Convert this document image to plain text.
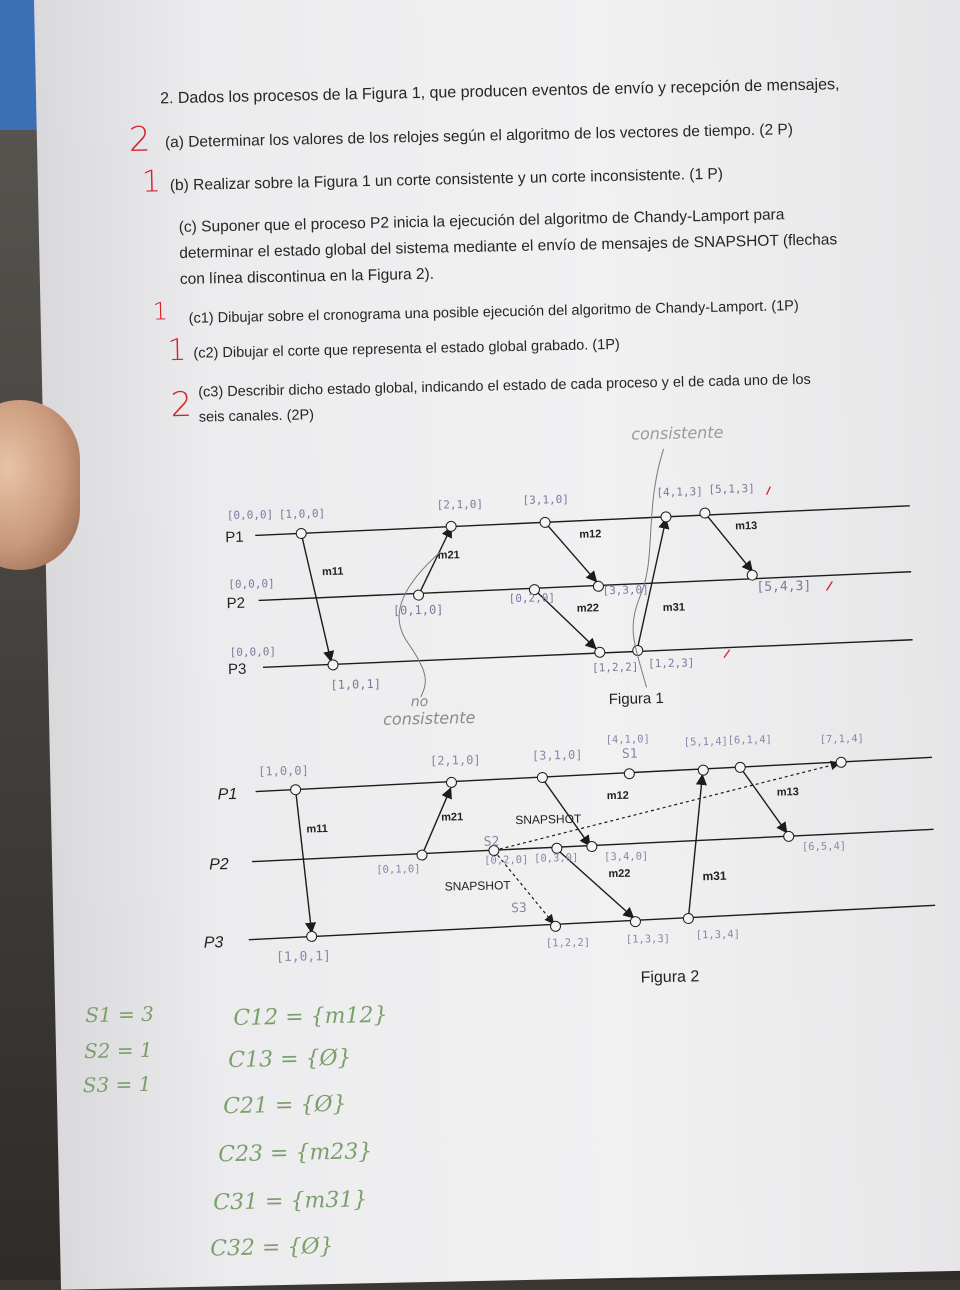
2. Dados los procesos de la Figura 1, que producen eventos de envío y recepción de mensajes,
(a) Determinar los valores de los relojes según el algoritmo de los vectores de tiempo. (2 P)
(b) Realizar sobre la Figura 1 un corte consistente y un corte inconsistente. (1 P)
(c) Suponer que el proceso P2 inicia la ejecución del algoritmo de Chandy-Lamport para
determinar el estado global del sistema mediante el envío de mensajes de SNAPSHOT (flechas
con línea discontinua en la Figura 2).
(c1) Dibujar sobre el cronograma una posible ejecución del algoritmo de Chandy-Lamport. (1P)
(c2) Dibujar el corte que representa el estado global grabado. (1P)
(c3) Describir dicho estado global, indicando el estado de cada proceso y el de cada uno de los
seis canales. (2P)
2
1
1
1
2
P1
P2
P3
m11
m21
m12
m22	m31
m13
[0,0,0]
[0,0,0]
[0,0,0]
[1,0,0]
[2,1,0]	[3,1,0]
[4,1,3] [5,1,3]
[0,1,0]
[0,2,0]
[3,3,0]	[5,4,3]
[1,0,1]
[1,2,2] [1,2,3]
consistente
no
consistente
Figura 1
P1
P2
P3
m11
m21
m12
m22	m31
m13
SNAPSHOT
SNAPSHOT
[1,0,0]
[2,1,0]	[3,1,0]
[4,1,0]	[5,1,4] [6,1,4]	[7,1,4]
[0,1,0]
[0,2,0] [0,3,0] [3,4,0]
[6,5,4]
[1,0,1]
[1,2,2]	[1,3,3] [1,3,4]
S1
S2
S3
Figura 2
S1 = 3
S2 = 1
S3 = 1
C12 = {m12}
C13 = {Ø}
C21 = {Ø}
C23 = {m23}
C31 = {m31}
C32 = {Ø}
